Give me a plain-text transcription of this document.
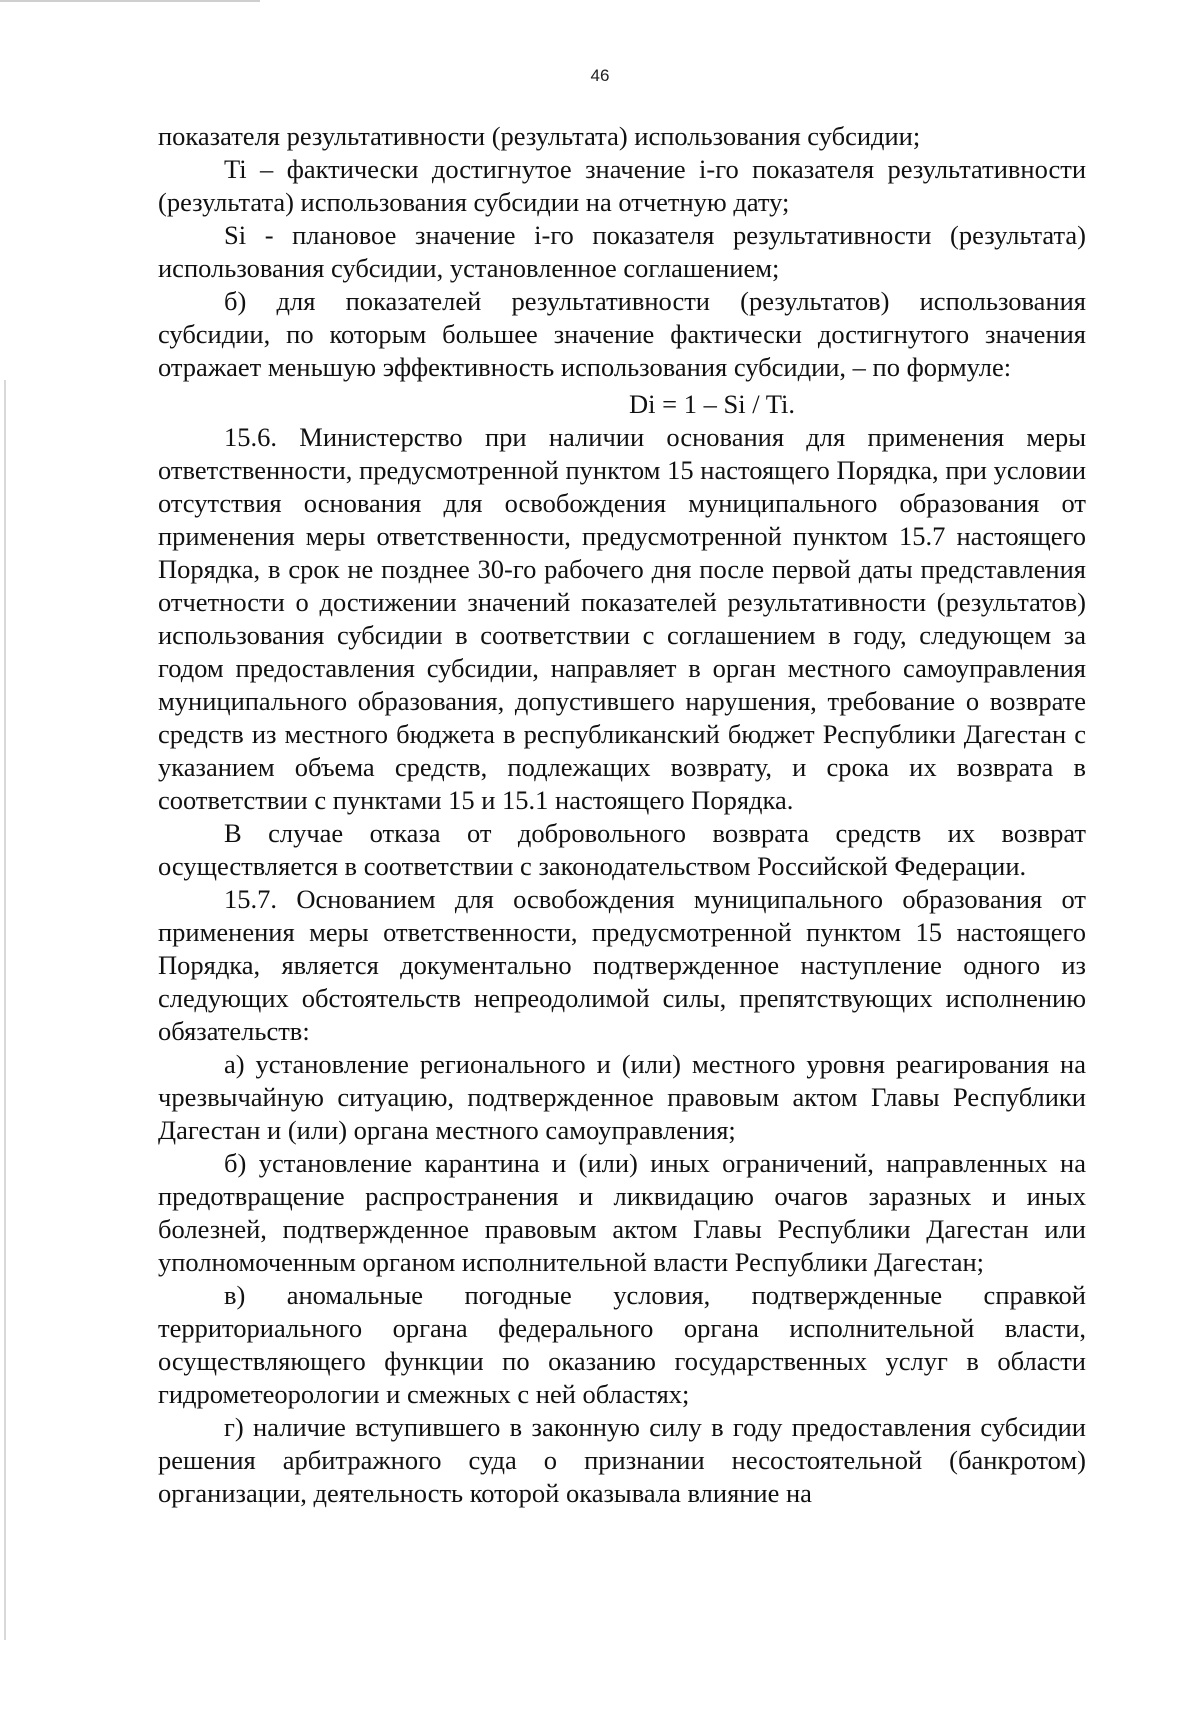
46

показателя результативности (результата) использования субсидии;

Ti – фактически достигнутое значение i-го показателя результативности (результата) использования субсидии на отчетную дату;

Si - плановое значение i-го показателя результативности (результата) использования субсидии, установленное соглашением;

б) для показателей результативности (результатов) использования субсидии, по которым большее значение фактически достигнутого значения отражает меньшую эффективность использования субсидии, – по формуле:

Di = 1 – Si / Ti.

15.6. Министерство при наличии основания для применения меры ответственности, предусмотренной пунктом 15 настоящего Порядка, при условии отсутствия основания для освобождения муниципального образования от применения меры ответственности, предусмотренной пунктом 15.7 настоящего Порядка, в срок не позднее 30-го рабочего дня после первой даты представления отчетности о достижении значений показателей результативности (результатов) использования субсидии в соответствии с соглашением в году, следующем за годом предоставления субсидии, направляет в орган местного самоуправления муниципального образования, допустившего нарушения, требование о возврате средств из местного бюджета в республиканский бюджет Республики Дагестан с указанием объема средств, подлежащих возврату, и срока их возврата в соответствии с пунктами 15 и 15.1 настоящего Порядка.

В случае отказа от добровольного возврата средств их возврат осуществляется в соответствии с законодательством Российской Федерации.

15.7. Основанием для освобождения муниципального образования от применения меры ответственности, предусмотренной пунктом 15 настоящего Порядка, является документально подтвержденное наступление одного из следующих обстоятельств непреодолимой силы, препятствующих исполнению обязательств:

а) установление регионального и (или) местного уровня реагирования на чрезвычайную ситуацию, подтвержденное правовым актом Главы Республики Дагестан и (или) органа местного самоуправления;

б) установление карантина и (или) иных ограничений, направленных на предотвращение распространения и ликвидацию очагов заразных и иных болезней, подтвержденное правовым актом Главы Республики Дагестан или уполномоченным органом исполнительной власти Республики Дагестан;

в) аномальные погодные условия, подтвержденные справкой территориального органа федерального органа исполнительной власти, осуществляющего функции по оказанию государственных услуг в области гидрометеорологии и смежных с ней областях;

г) наличие вступившего в законную силу в году предоставления субсидии решения арбитражного суда о признании несостоятельной (банкротом) организации, деятельность которой оказывала влияние на
